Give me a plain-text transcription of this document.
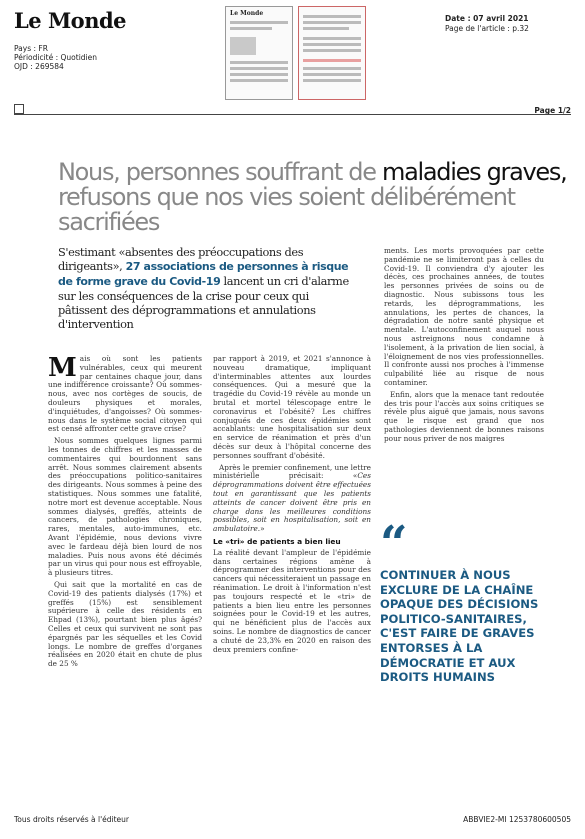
Le Monde
Pays : FR
Périodicité : Quotidien
OJD : 269584
Le Monde
Date : 07 avril 2021
Page de l'article : p.32
Page 1/2
Nous, personnes souffrant de maladies graves,
refusons que nos vies soient délibérément sacrifiées
S'estimant «absentes des préoccupations des dirigeants», 27 associations de personnes à risque de forme grave du Covid-19 lancent un cri d'alarme sur les conséquences de la crise pour ceux qui pâtissent des déprogrammations et annulations d'intervention

Mais où sont les patients vulnérables, ceux qui meurent par centaines chaque jour, dans une indifférence croissante? Où sommes-nous, avec nos cortèges de soucis, de douleurs physiques et morales, d'inquiétudes, d'angoisses? Où sommes-nous dans le système social citoyen qui est censé affronter cette grave crise?

Nous sommes quelques lignes parmi les tonnes de chiffres et les masses de commentaires qui bourdonnent sans arrêt. Nous sommes clairement absents des préoccupations politico-sanitaires des dirigeants. Nous sommes à peine des statistiques. Nous sommes une fatalité, notre mort est devenue acceptable. Nous sommes dialysés, greffés, atteints de cancers, de pathologies chroniques, rares, mentales, auto-immunes, etc. Avant l'épidémie, nous devions vivre avec le fardeau déjà bien lourd de nos maladies. Puis nous avons été décimés par un virus qui pour nous est effroyable, à plusieurs titres.

Qui sait que la mortalité en cas de Covid-19 des patients dialysés (17%) et greffés (15%) est sensiblement supérieure à celle des résidents en Ehpad (13%), pourtant bien plus âgés? Celles et ceux qui survivent ne sont pas épargnés par les séquelles et les Covid longs. Le nombre de greffes d'organes réalisées en 2020 était en chute de plus de 25 %

par rapport à 2019, et 2021 s'annonce à nouveau dramatique, impliquant d'interminables attentes aux lourdes conséquences. Qui a mesuré que la tragédie du Covid-19 révèle au monde un brutal et mortel télescopage entre le coronavirus et l'obésité? Les chiffres conjugués de ces deux épidémies sont accablants: une hospitalisation sur deux en service de réanimation et près d'un décès sur deux à l'hôpital concerne des personnes souffrant d'obésité.

Après le premier confinement, une lettre ministérielle précisait: «Ces déprogrammations doivent être effectuées tout en garantissant que les patients atteints de cancer doivent être pris en charge dans les meilleures conditions possibles, soit en hospitalisation, soit en ambulatoire.»

Le «tri» de patients a bien lieu

La réalité devant l'ampleur de l'épidémie dans certaines régions amène à déprogrammer des interventions pour des cancers qui nécessiteraient un passage en réanimation. Le droit à l'information n'est pas toujours respecté et le «tri» de patients a bien lieu entre les personnes soignées pour le Covid-19 et les autres, qui ne bénéficient plus de l'accès aux soins. Le nombre de diagnostics de cancer a chuté de 23,3% en 2020 en raison des deux premiers confine-

ments. Les morts provoquées par cette pandémie ne se limiteront pas à celles du Covid-19. Il conviendra d'y ajouter les décès, ces prochaines années, de toutes les personnes privées de soins ou de diagnostic. Nous subissons tous les retards, les déprogrammations, les annulations, les pertes de chances, la dégradation de notre santé physique et mentale. L'autoconfinement auquel nous nous astreignons nous condamne à l'isolement, à la privation de lien social, à l'éloignement de nos vies professionnelles. Il confronte aussi nos proches à l'immense culpabilité liée au risque de nous contaminer.

Enfin, alors que la menace tant redoutée des tris pour l'accès aux soins critiques se révèle plus aiguë que jamais, nous savons que le risque est grand que nos pathologies deviennent de bonnes raisons pour nous priver de nos maigres

“
CONTINUER À NOUS EXCLURE DE LA CHAÎNE OPAQUE DES DÉCISIONS POLITICO-SANITAIRES, C'EST FAIRE DE GRAVES ENTORSES À LA DÉMOCRATIE ET AUX DROITS HUMAINS
Tous droits réservés à l'éditeur	ABBVIE2-MI 1253780600505
